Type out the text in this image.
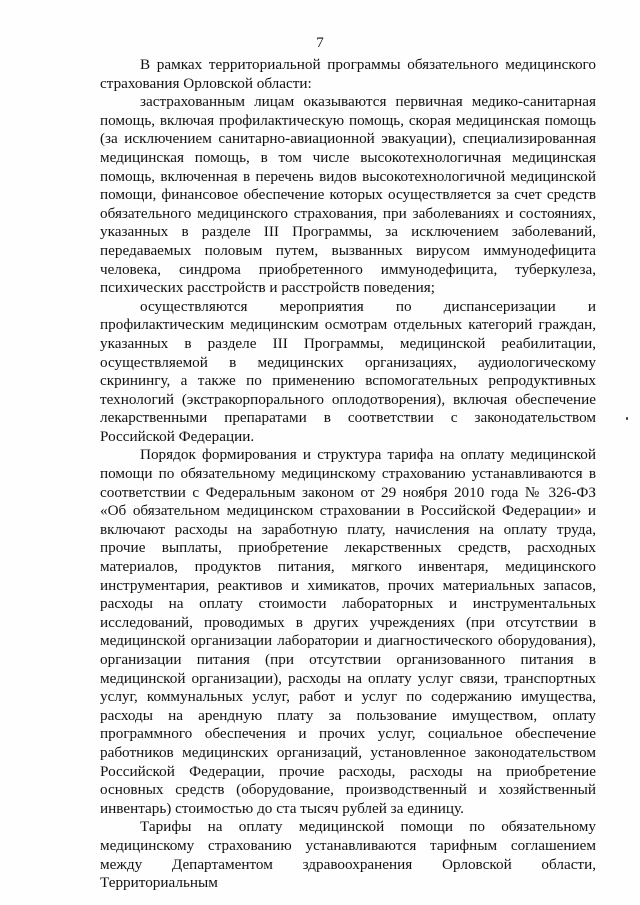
7

В рамках территориальной программы обязательного медицинского страхования Орловской области:

застрахованным лицам оказываются первичная медико-санитарная помощь, включая профилактическую помощь, скорая медицинская помощь (за исключением санитарно-авиационной эвакуации), специализированная медицинская помощь, в том числе высокотехнологичная медицинская помощь, включенная в перечень видов высокотехнологичной медицинской помощи, финансовое обеспечение которых осуществляется за счет средств обязательного медицинского страхования, при заболеваниях и состояниях, указанных в разделе III Программы, за исключением заболеваний, передаваемых половым путем, вызванных вирусом иммунодефицита человека, синдрома приобретенного иммунодефицита, туберкулеза, психических расстройств и расстройств поведения;

осуществляются мероприятия по диспансеризации и профилактическим медицинским осмотрам отдельных категорий граждан, указанных в разделе III Программы, медицинской реабилитации, осуществляемой в медицинских организациях, аудиологическому скринингу, а также по применению вспомогательных репродуктивных технологий (экстракорпорального оплодотворения), включая обеспечение лекарственными препаратами в соответствии с законодательством Российской Федерации.

Порядок формирования и структура тарифа на оплату медицинской помощи по обязательному медицинскому страхованию устанавливаются в соответствии с Федеральным законом от 29 ноября 2010 года № 326-ФЗ «Об обязательном медицинском страховании в Российской Федерации» и включают расходы на заработную плату, начисления на оплату труда, прочие выплаты, приобретение лекарственных средств, расходных материалов, продуктов питания, мягкого инвентаря, медицинского инструментария, реактивов и химикатов, прочих материальных запасов, расходы на оплату стоимости лабораторных и инструментальных исследований, проводимых в других учреждениях (при отсутствии в медицинской организации лаборатории и диагностического оборудования), организации питания (при отсутствии организованного питания в медицинской организации), расходы на оплату услуг связи, транспортных услуг, коммунальных услуг, работ и услуг по содержанию имущества, расходы на арендную плату за пользование имуществом, оплату программного обеспечения и прочих услуг, социальное обеспечение работников медицинских организаций, установленное законодательством Российской Федерации, прочие расходы, расходы на приобретение основных средств (оборудование, производственный и хозяйственный инвентарь) стоимостью до ста тысяч рублей за единицу.

Тарифы на оплату медицинской помощи по обязательному медицинскому страхованию устанавливаются тарифным соглашением между Департаментом здравоохранения Орловской области, Территориальным
